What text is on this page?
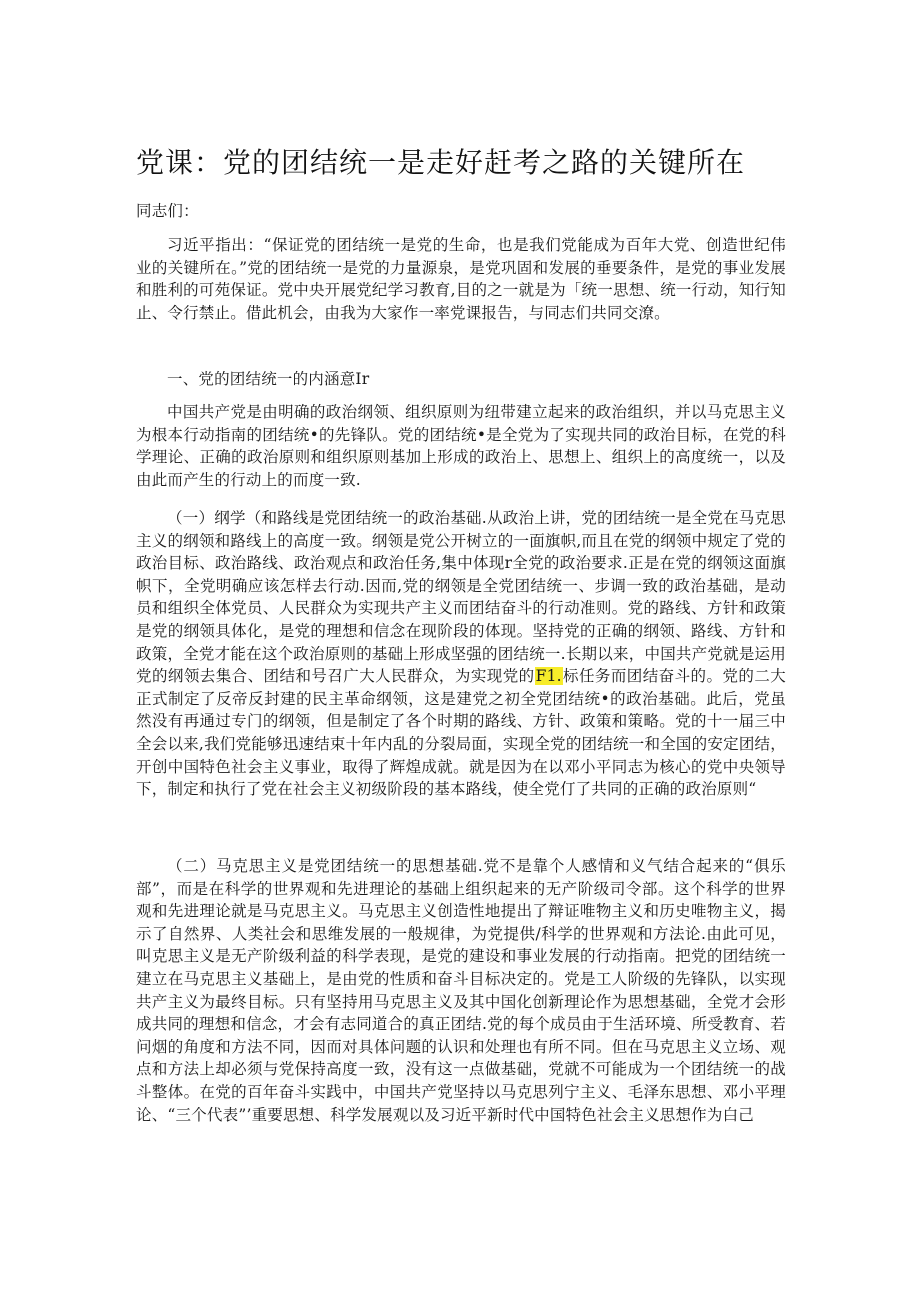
党课：党的团结统一是走好赶考之路的关键所在
同志们：
习近平指出：“保证党的团结统一是党的生命，也是我们党能成为百年大党、创造世纪伟业的关键所在。”党的团结统一是党的力量源泉，是党巩固和发展的垂要条件，是党的事业发展和胜利的可苑保证。党中央开展党纪学习教育,目的之一就是为「统一思想、统一行动，知行知止、令行禁止。借此机会，由我为大家作一率党课报告，与同志们共同交潦。
一、党的团结统一的内涵意Ir
中国共产党是由明确的政治纲领、组织原则为纽带建立起来的政治组织，并以马克思主义为根本行动指南的团结统•的先锋队。党的团结统•是全党为了实现共同的政治目标，在党的科学理论、正确的政治原则和组织原则基加上形成的政治上、思想上、组织上的高度统一，以及由此而产生的行动上的而度一致.
（一）纲学（和路线是党团结统一的政治基础.从政治上讲，党的团结统一是全党在马克思主义的纲领和路线上的高度一致。纲领是党公开树立的一面旗帜,而且在党的纲领中规定了党的政治目标、政治路线、政治观点和政治任务,集中体现r全党的政治要求.正是在党的纲领这面旗帜下，全党明确应该怎样去行动.因而,党的纲领是全党团结统一、步调一致的政治基础，是动员和组织全体党员、人民群众为实现共产主义而团结奋斗的行动准则。党的路线、方针和政策是党的纲领具体化，是党的理想和信念在现阶段的体现。坚持党的正确的纲领、路线、方针和政策，全党才能在这个政治原则的基础上形成坚强的团结统一.长期以来，中国共产党就是运用党的纲领去集合、团结和号召广大人民群众，为实现党的F1.标任务而团结奋斗的。党的二大正式制定了反帝反封建的民主革命纲领，这是建党之初全党团结统•的政治基础。此后，党虽然没有再通过专门的纲领，但是制定了各个时期的路线、方针、政策和策略。党的十一届三中全会以来,我们党能够迅速结束十年内乱的分裂局面，实现全党的团结统一和全国的安定团结，开创中国特色社会主义事业，取得了辉煌成就。就是因为在以邓小平同志为核心的党中央领导下，制定和执行了党在社会主义初级阶段的基本路线，使全党仃了共同的正确的政治原则“
（二）马克思主义是党团结统一的思想基础.党不是靠个人感情和义气结合起来的“俱乐部”，而是在科学的世界观和先进理论的基础上组织起来的无产阶级司令部。这个科学的世界观和先进理论就是马克思主义。马克思主义创造性地提出了辩证唯物主义和历史唯物主义，揭示了自然界、人类社会和思维发展的一般规律，为党提供/科学的世界观和方法论.由此可见，叫克思主义是无产阶级利益的科学表现，是党的建设和事业发展的行动指南。把党的团结统一建立在马克思主义基础上，是由党的性质和奋斗目标决定的。党是工人阶级的先锋队，以实现共产主义为最终目标。只有坚持用马克思主义及其中国化创新理论作为思想基础，全党才会形成共同的理想和信念，才会有志同道合的真正团结.党的每个成员由于生活环境、所受教育、若问烟的角度和方法不同，因而对具体问题的认识和处理也有所不同。但在马克思主义立场、观点和方法上却必须与党保持高度一致，没有这一点做基础，党就不可能成为一个团结统一的战斗整体。在党的百年奋斗实践中，中国共产党坚持以马克思列宁主义、毛泽东思想、邓小平理论、“三个代表”’重要思想、科学发展观以及习近平新时代中国特色社会主义思想作为白己
